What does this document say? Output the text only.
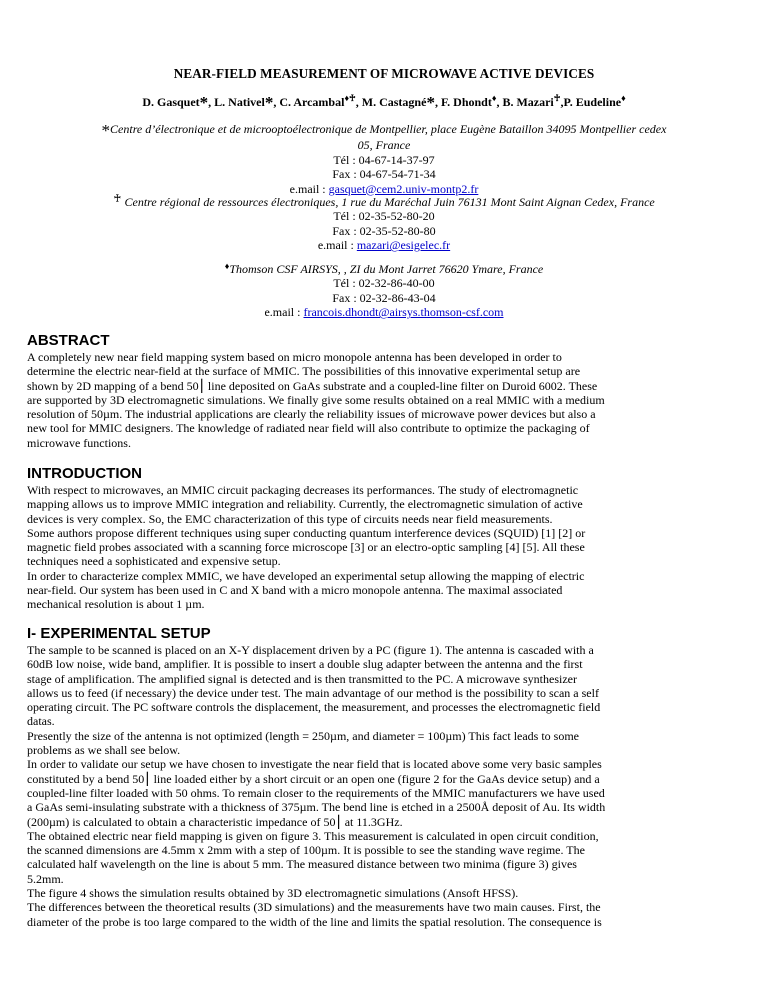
NEAR-FIELD MEASUREMENT OF MICROWAVE ACTIVE DEVICES
D. Gasquet*, L. Nativel*, C. Arcambal♦♰, M. Castagné*, F. Dhondt♦, B. Mazari♰,P. Eudeline♦
*Centre d’électronique et de microoptoélectronique de Montpellier, place Eugène Bataillon 34095 Montpellier cedex
05, France
Tél : 04-67-14-37-97
Fax : 04-67-54-71-34
e.mail : gasquet@cem2.univ-montp2.fr
♰ Centre régional de ressources électroniques, 1 rue du Maréchal Juin 76131 Mont Saint Aignan Cedex, France
Tél : 02-35-52-80-20
Fax : 02-35-52-80-80
e.mail : mazari@esigelec.fr
♦Thomson CSF AIRSYS, , ZI du Mont Jarret 76620 Ymare, France
Tél : 02-32-86-40-00
Fax : 02-32-86-43-04
e.mail : francois.dhondt@airsys.thomson-csf.com
ABSTRACT

A completely new near field mapping system based on micro monopole antenna has been developed in order to
determine the electric near-field at the surface of MMIC. The possibilities of this innovative experimental setup are
shown by 2D mapping of a bend 50⎮ line deposited on GaAs substrate and a coupled-line filter on Duroid 6002. These
are supported by 3D electromagnetic simulations. We finally give some results obtained on a real MMIC with a medium
resolution of 50µm. The industrial applications are clearly the reliability issues of microwave power devices but also a
new tool for MMIC designers. The knowledge of radiated near field will also contribute to optimize the packaging of
microwave functions.

INTRODUCTION

With respect to microwaves, an MMIC circuit packaging decreases its performances. The study of electromagnetic
mapping allows us to improve MMIC integration and reliability. Currently, the electromagnetic simulation of active
devices is very complex. So, the EMC characterization of this type of circuits needs near field measurements.
Some authors propose different techniques using super conducting quantum interference devices (SQUID) [1] [2] or
magnetic field probes associated with a scanning force microscope [3] or an electro-optic sampling [4] [5]. All these
techniques need a sophisticated and expensive setup.
In order to characterize complex MMIC, we have developed an experimental setup allowing the mapping of electric
near-field. Our system has been used in C and X band with a micro monopole antenna. The maximal associated
mechanical resolution is about 1 µm.

I- EXPERIMENTAL SETUP

The sample to be scanned is placed on an X-Y displacement driven by a PC (figure 1). The antenna is cascaded with a
60dB low noise, wide band, amplifier. It is possible to insert a double slug adapter between the antenna and the first
stage of amplification. The amplified signal is detected and is then transmitted to the PC. A microwave synthesizer
allows us to feed (if necessary) the device under test. The main advantage of our method is the possibility to scan a self
operating circuit. The PC software controls the displacement, the measurement, and processes the electromagnetic field
datas.
Presently the size of the antenna is not optimized (length = 250µm, and diameter = 100µm) This fact leads to some
problems as we shall see below.
In order to validate our setup we have chosen to investigate the near field that is located above some very basic samples
constituted by a bend 50⎮ line loaded either by a short circuit or an open one (figure 2 for the GaAs device setup) and a
coupled-line filter loaded with 50 ohms. To remain closer to the requirements of the MMIC manufacturers we have used
a GaAs semi-insulating substrate with a thickness of 375µm. The bend line is etched in a 2500Å deposit of Au. Its width
(200µm) is calculated to obtain a characteristic impedance of 50⎮ at 11.3GHz.
The obtained electric near field mapping is given on figure 3. This measurement is calculated in open circuit condition,
the scanned dimensions are 4.5mm x 2mm with a step of 100µm. It is possible to see the standing wave regime. The
calculated half wavelength on the line is about 5 mm. The measured distance between two minima (figure 3) gives
5.2mm.
The figure 4 shows the simulation results obtained by 3D electromagnetic simulations (Ansoft HFSS).
The differences between the theoretical results (3D simulations) and the measurements have two main causes. First, the
diameter of the probe is too large compared to the width of the line and limits the spatial resolution. The consequence is
